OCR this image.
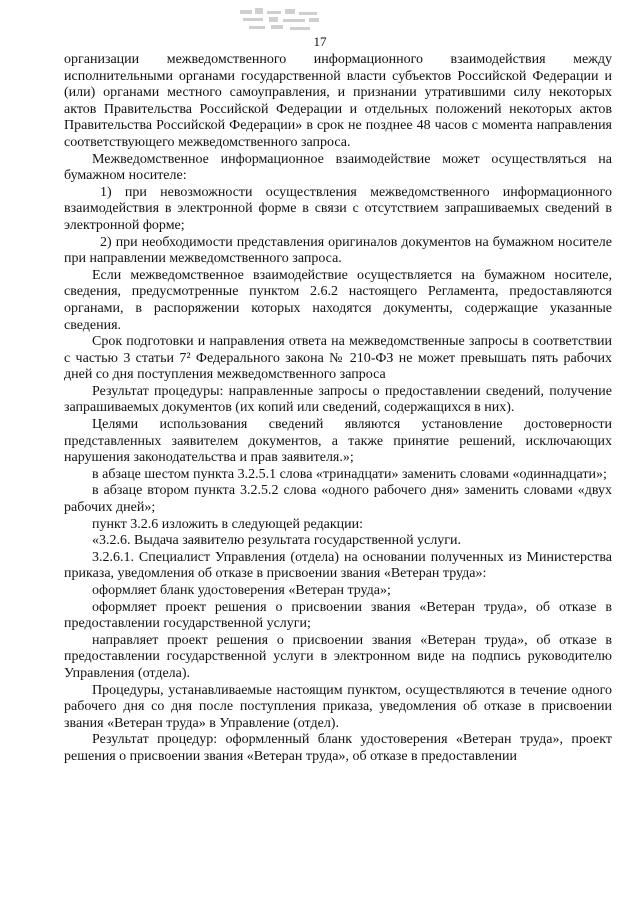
17

организации межведомственного информационного взаимодействия между исполнительными органами государственной власти субъектов Российской Федерации и (или) органами местного самоуправления, и признании утратившими силу некоторых актов Правительства Российской Федерации и отдельных положений некоторых актов Правительства Российской Федерации» в срок не позднее 48 часов с момента направления соответствующего межведомственного запроса.

Межведомственное информационное взаимодействие может осуществляться на бумажном носителе:

1) при невозможности осуществления межведомственного информационного взаимодействия в электронной форме в связи с отсутствием запрашиваемых сведений в электронной форме;

2) при необходимости представления оригиналов документов на бумажном носителе при направлении межведомственного запроса.

Если межведомственное взаимодействие осуществляется на бумажном носителе, сведения, предусмотренные пунктом 2.6.2 настоящего Регламента, предоставляются органами, в распоряжении которых находятся документы, содержащие указанные сведения.

Срок подготовки и направления ответа на межведомственные запросы в соответствии с частью 3 статьи 7² Федерального закона № 210-ФЗ не может превышать пять рабочих дней со дня поступления межведомственного запроса

Результат процедуры: направленные запросы о предоставлении сведений, получение запрашиваемых документов (их копий или сведений, содержащихся в них).

Целями использования сведений являются установление достоверности представленных заявителем документов, а также принятие решений, исключающих нарушения законодательства и прав заявителя.»;

в абзаце шестом пункта 3.2.5.1 слова «тринадцати» заменить словами «одиннадцати»;

в абзаце втором пункта 3.2.5.2 слова «одного рабочего дня» заменить словами «двух рабочих дней»;

пункт 3.2.6 изложить в следующей редакции:

«3.2.6. Выдача заявителю результата государственной услуги.

3.2.6.1. Специалист Управления (отдела) на основании полученных из Министерства приказа, уведомления об отказе в присвоении звания «Ветеран труда»:

оформляет бланк удостоверения «Ветеран труда»;

оформляет проект решения о присвоении звания «Ветеран труда», об отказе в предоставлении государственной услуги;

направляет проект решения о присвоении звания «Ветеран труда», об отказе в предоставлении государственной услуги в электронном виде на подпись руководителю Управления (отдела).

Процедуры, устанавливаемые настоящим пунктом, осуществляются в течение одного рабочего дня со дня после поступления приказа, уведомления об отказе в присвоении звания «Ветеран труда» в Управление (отдел).

Результат процедур: оформленный бланк удостоверения «Ветеран труда», проект решения о присвоении звания «Ветеран труда», об отказе в предоставлении
